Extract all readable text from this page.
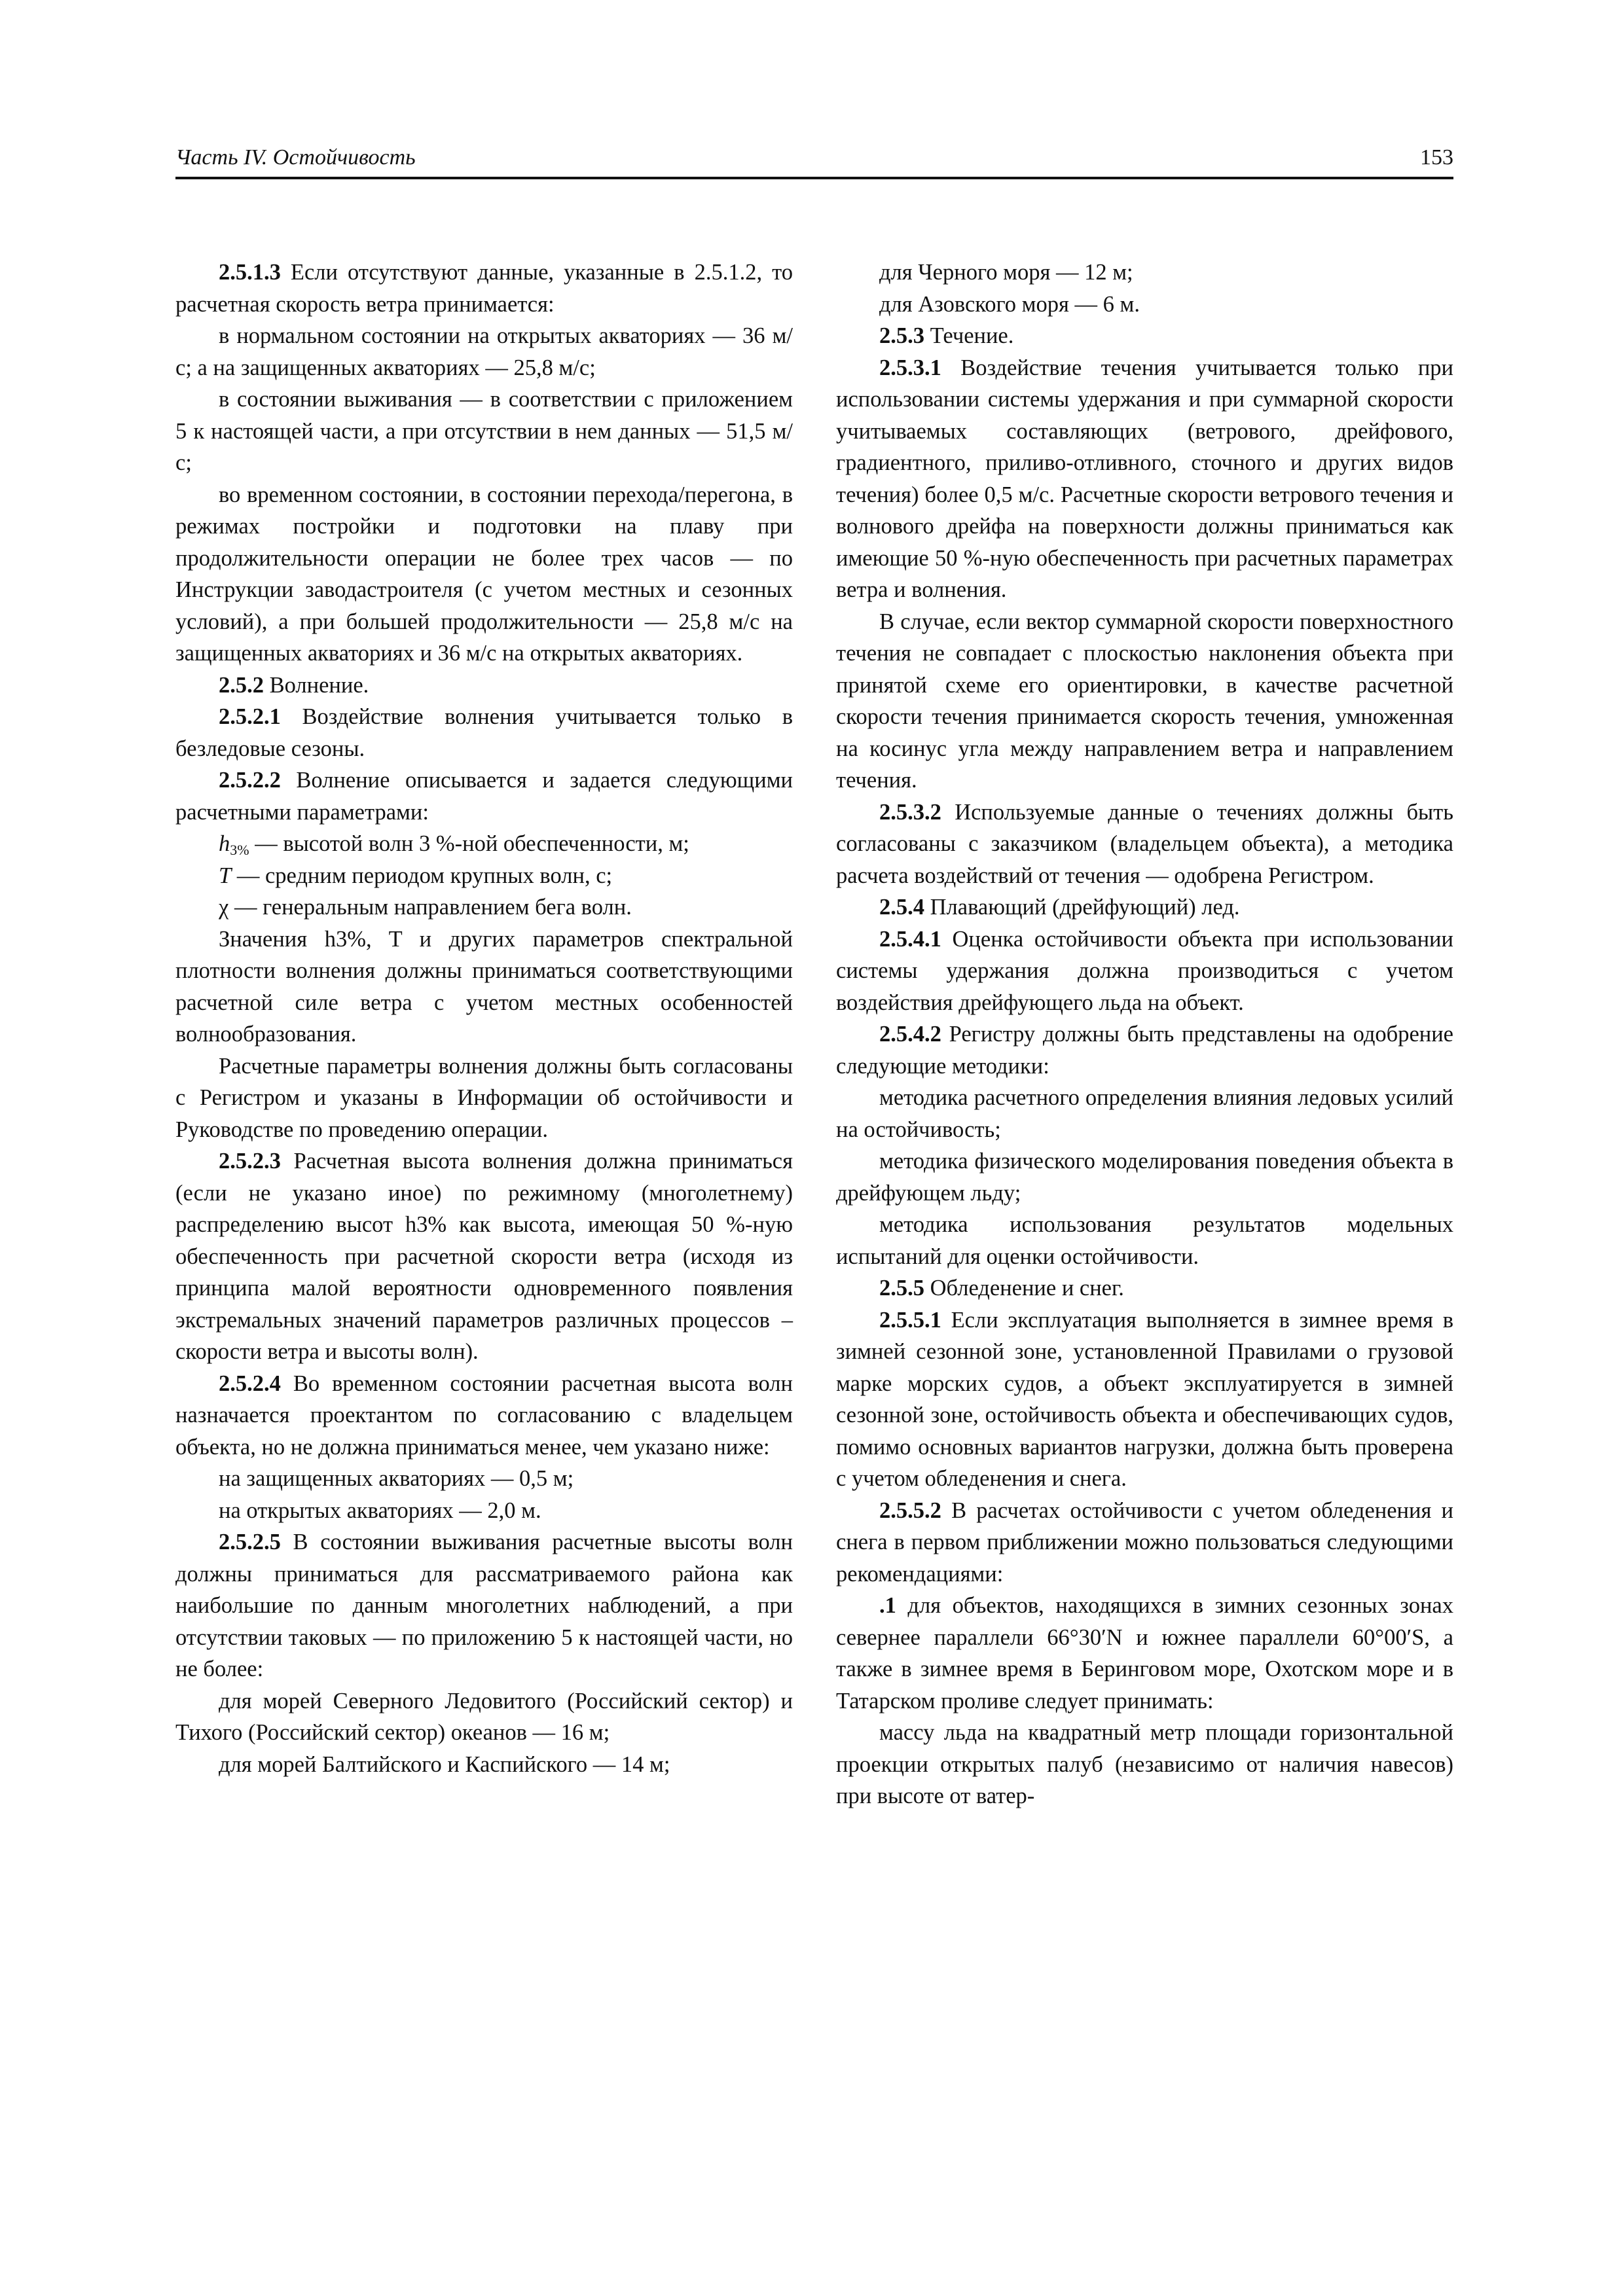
Часть IV. Остойчивость	153

2.5.1.3 Если отсутствуют данные, указанные в 2.5.1.2, то расчетная скорость ветра принимается:

в нормальном состоянии на открытых акваториях — 36 м/с; а на защищенных акваториях — 25,8 м/с;

в состоянии выживания — в соответствии с приложением 5 к настоящей части, а при отсутствии в нем данных — 51,5 м/с;

во временном состоянии, в состоянии перехода/перегона, в режимах постройки и подготовки на плаву при продолжительности операции не более трех часов — по Инструкции заводастроителя (с учетом местных и сезонных условий), а при большей продолжительности — 25,8 м/с на защищенных акваториях и 36 м/с на открытых акваториях.

2.5.2 Волнение.

2.5.2.1 Воздействие волнения учитывается только в безледовые сезоны.

2.5.2.2 Волнение описывается и задается следующими расчетными параметрами:

$h_{3\%}$ — высотой волн 3 %-ной обеспеченности, м;

T — средним периодом крупных волн, с;

χ — генеральным направлением бега волн.

Значения h3%, T и других параметров спектральной плотности волнения должны приниматься соответствующими расчетной силе ветра с учетом местных особенностей волнообразования.

Расчетные параметры волнения должны быть согласованы с Регистром и указаны в Информации об остойчивости и Руководстве по проведению операции.

2.5.2.3 Расчетная высота волнения должна приниматься (если не указано иное) по режимному (многолетнему) распределению высот h3% как высота, имеющая 50 %-ную обеспеченность при расчетной скорости ветра (исходя из принципа малой вероятности одновременного появления экстремальных значений параметров различных процессов – скорости ветра и высоты волн).

2.5.2.4 Во временном состоянии расчетная высота волн назначается проектантом по согласованию с владельцем объекта, но не должна приниматься менее, чем указано ниже:

на защищенных акваториях — 0,5 м;

на открытых акваториях — 2,0 м.

2.5.2.5 В состоянии выживания расчетные высоты волн должны приниматься для рассматриваемого района как наибольшие по данным многолетних наблюдений, а при отсутствии таковых — по приложению 5 к настоящей части, но не более:

для морей Северного Ледовитого (Российский сектор) и Тихого (Российский сектор) океанов — 16 м;

для морей Балтийского и Каспийского — 14 м;

для Черного моря — 12 м;

для Азовского моря — 6 м.

2.5.3 Течение.

2.5.3.1 Воздействие течения учитывается только при использовании системы удержания и при суммарной скорости учитываемых составляющих (ветрового, дрейфового, градиентного, приливо-отливного, сточного и других видов течения) более 0,5 м/с. Расчетные скорости ветрового течения и волнового дрейфа на поверхности должны приниматься как имеющие 50 %-ную обеспеченность при расчетных параметрах ветра и волнения.

В случае, если вектор суммарной скорости поверхностного течения не совпадает с плоскостью наклонения объекта при принятой схеме его ориентировки, в качестве расчетной скорости течения принимается скорость течения, умноженная на косинус угла между направлением ветра и направлением течения.

2.5.3.2 Используемые данные о течениях должны быть согласованы с заказчиком (владельцем объекта), а методика расчета воздействий от течения — одобрена Регистром.

2.5.4 Плавающий (дрейфующий) лед.

2.5.4.1 Оценка остойчивости объекта при использовании системы удержания должна производиться с учетом воздействия дрейфующего льда на объект.

2.5.4.2 Регистру должны быть представлены на одобрение следующие методики:

методика расчетного определения влияния ледовых усилий на остойчивость;

методика физического моделирования поведения объекта в дрейфующем льду;

методика использования результатов модельных испытаний для оценки остойчивости.

2.5.5 Обледенение и снег.

2.5.5.1 Если эксплуатация выполняется в зимнее время в зимней сезонной зоне, установленной Правилами о грузовой марке морских судов, а объект эксплуатируется в зимней сезонной зоне, остойчивость объекта и обеспечивающих судов, помимо основных вариантов нагрузки, должна быть проверена с учетом обледенения и снега.

2.5.5.2 В расчетах остойчивости с учетом обледенения и снега в первом приближении можно пользоваться следующими рекомендациями:

.1 для объектов, находящихся в зимних сезонных зонах севернее параллели 66°30′N и южнее параллели 60°00′S, а также в зимнее время в Беринговом море, Охотском море и в Татарском проливе следует принимать:

массу льда на квадратный метр площади горизонтальной проекции открытых палуб (независимо от наличия навесов) при высоте от ватер-
